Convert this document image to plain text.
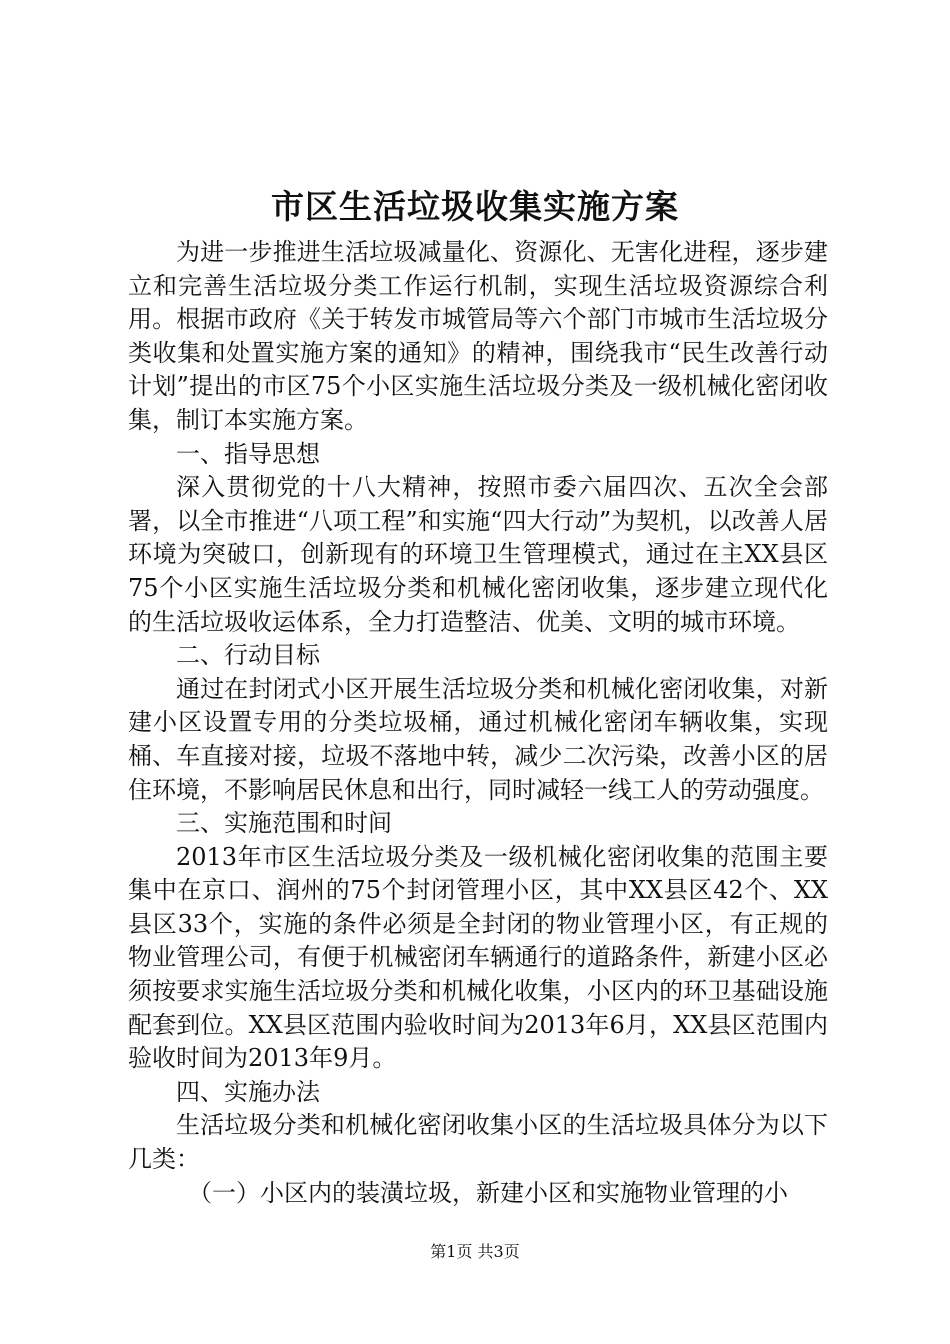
市区生活垃圾收集实施方案

为进一步推进生活垃圾减量化、资源化、无害化进程，逐步建立和完善生活垃圾分类工作运行机制，实现生活垃圾资源综合利用。根据市政府《关于转发市城管局等六个部门市城市生活垃圾分类收集和处置实施方案的通知》的精神，围绕我市“民生改善行动计划”提出的市区75个小区实施生活垃圾分类及一级机械化密闭收集，制订本实施方案。

一、指导思想

深入贯彻党的十八大精神，按照市委六届四次、五次全会部署，以全市推进“八项工程”和实施“四大行动”为契机，以改善人居环境为突破口，创新现有的环境卫生管理模式，通过在主XX县区75个小区实施生活垃圾分类和机械化密闭收集，逐步建立现代化的生活垃圾收运体系，全力打造整洁、优美、文明的城市环境。

二、行动目标

通过在封闭式小区开展生活垃圾分类和机械化密闭收集，对新建小区设置专用的分类垃圾桶，通过机械化密闭车辆收集，实现桶、车直接对接，垃圾不落地中转，减少二次污染，改善小区的居住环境，不影响居民休息和出行，同时减轻一线工人的劳动强度。

三、实施范围和时间

2013年市区生活垃圾分类及一级机械化密闭收集的范围主要集中在京口、润州的75个封闭管理小区，其中XX县区42个、XX县区33个，实施的条件必须是全封闭的物业管理小区，有正规的物业管理公司，有便于机械密闭车辆通行的道路条件，新建小区必须按要求实施生活垃圾分类和机械化收集，小区内的环卫基础设施配套到位。XX县区范围内验收时间为2013年6月，XX县区范围内验收时间为2013年9月。

四、实施办法

生活垃圾分类和机械化密闭收集小区的生活垃圾具体分为以下几类：

（一）小区内的装潢垃圾，新建小区和实施物业管理的小

第1页 共3页
